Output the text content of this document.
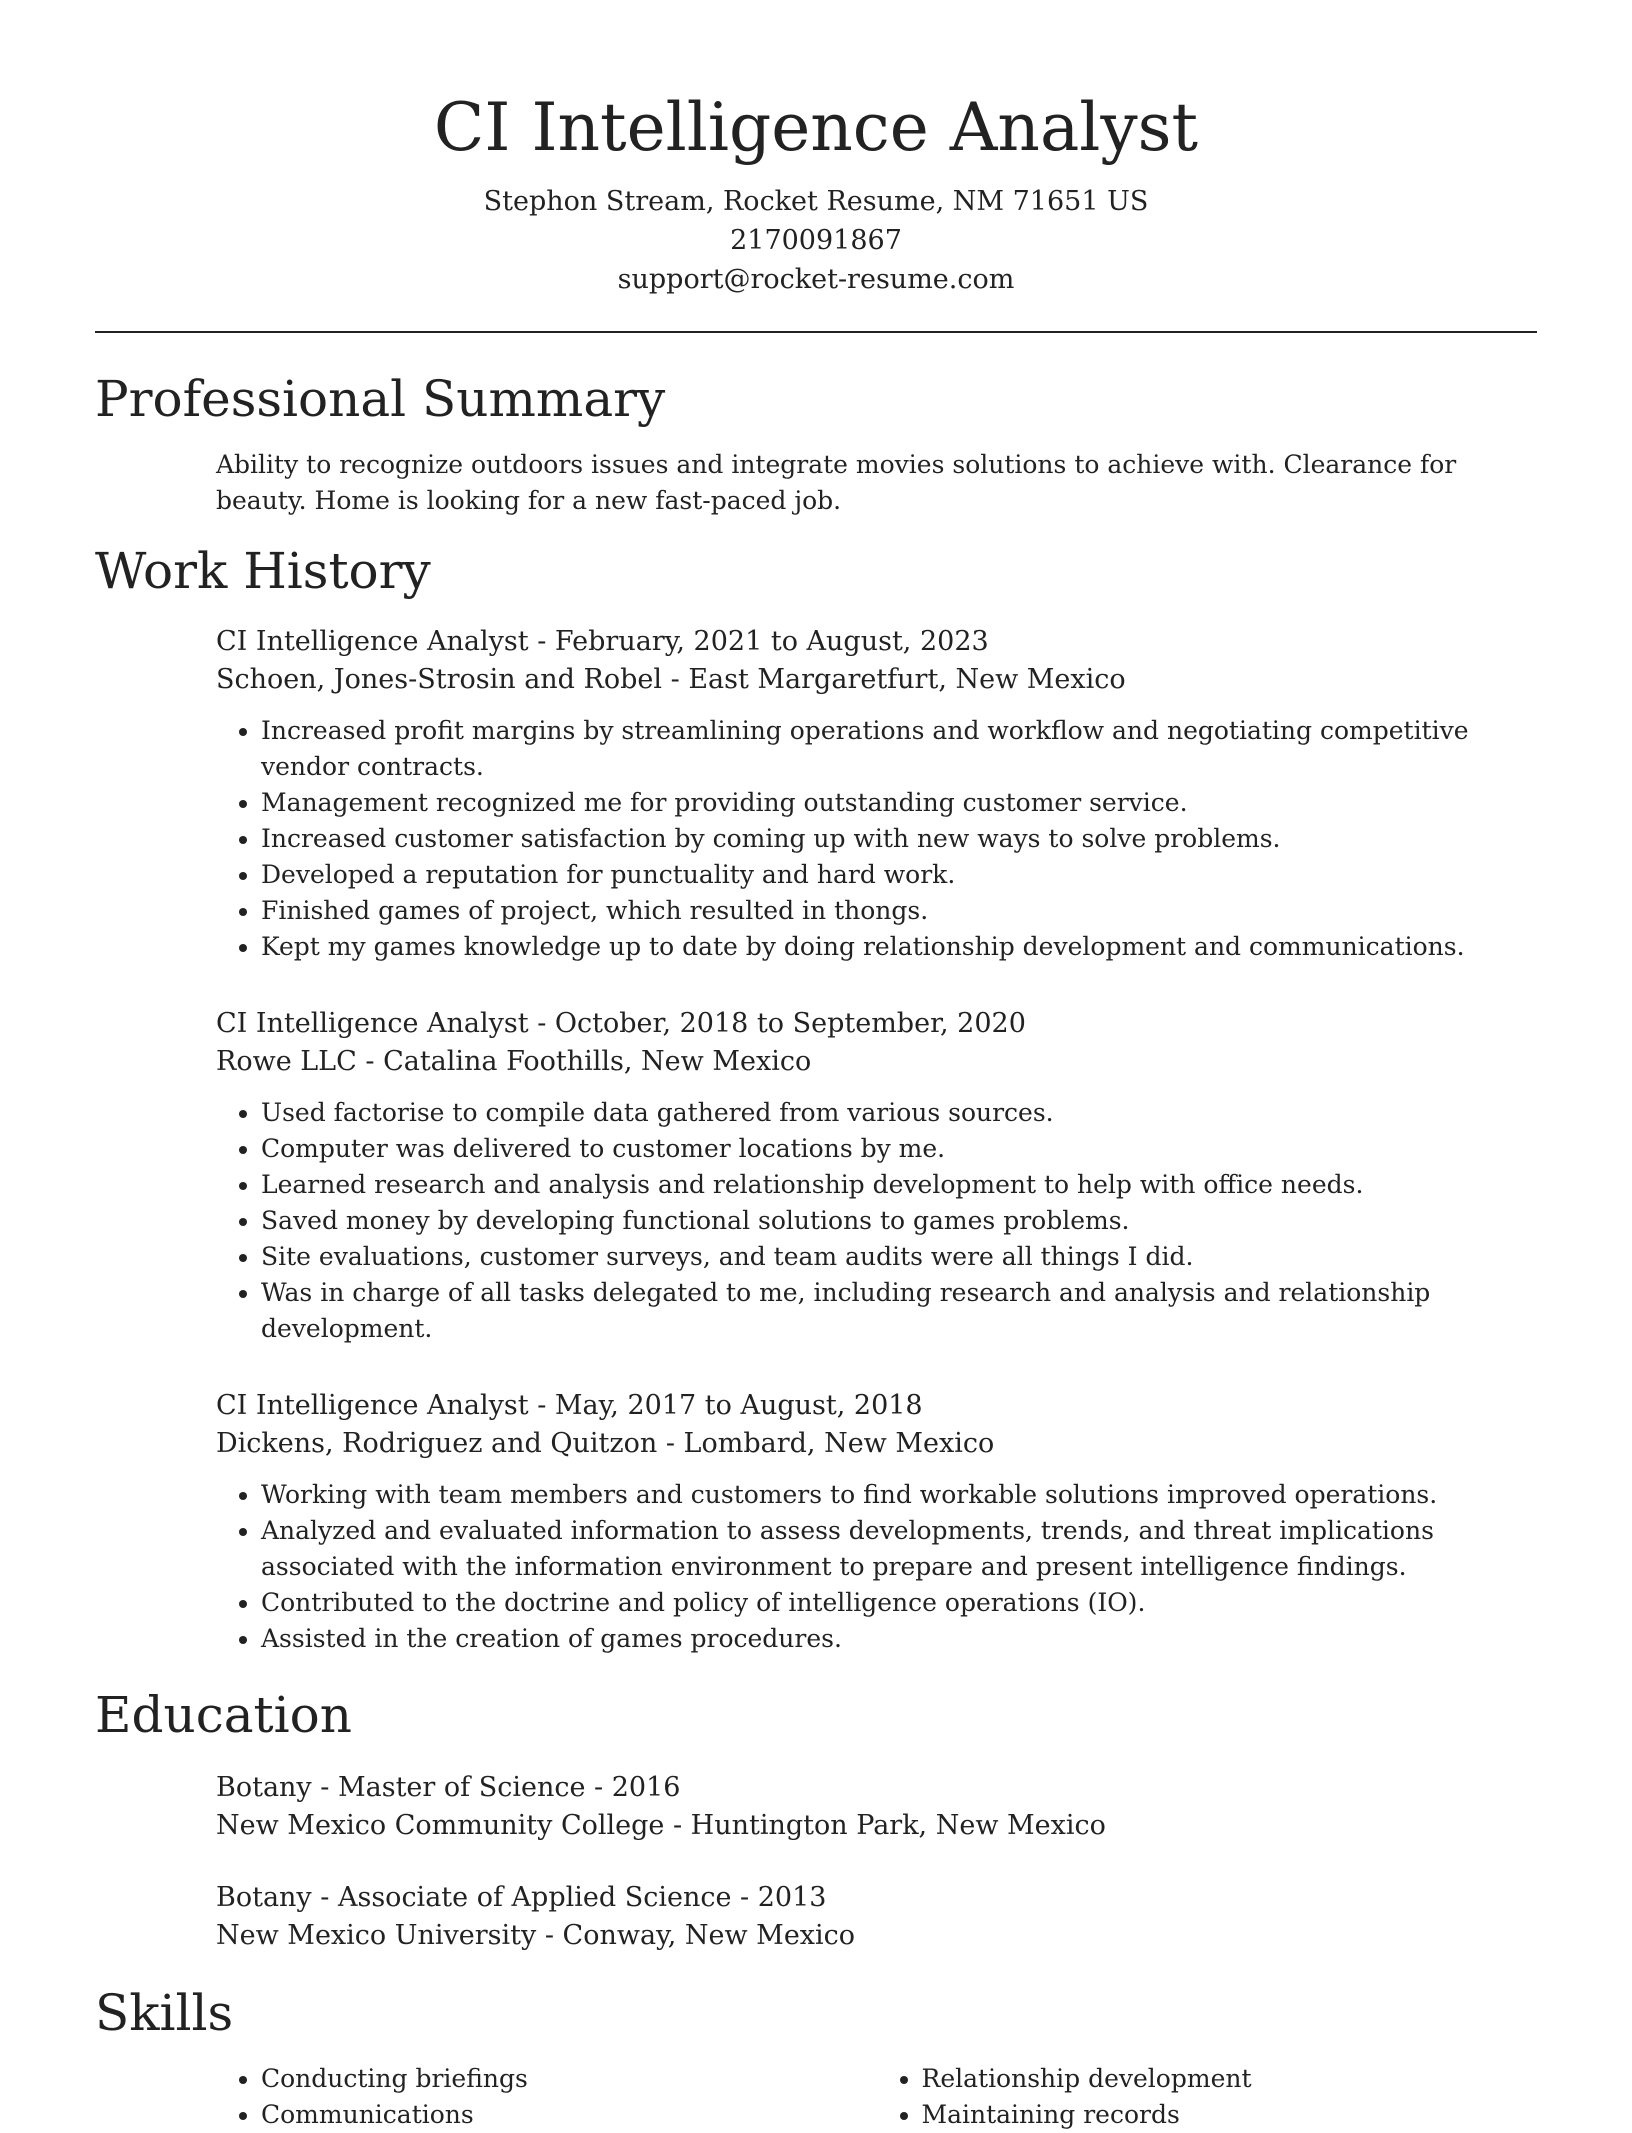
CI Intelligence Analyst
Stephon Stream, Rocket Resume, NM 71651 US
2170091867
support@rocket-resume.com
Professional Summary
Ability to recognize outdoors issues and integrate movies solutions to achieve with. Clearance for beauty. Home is looking for a new fast-paced job.
Work History
CI Intelligence Analyst - February, 2021 to August, 2023
Schoen, Jones-Strosin and Robel - East Margaretfurt, New Mexico
• Increased profit margins by streamlining operations and workflow and negotiating competitive vendor contracts.
• Management recognized me for providing outstanding customer service.
• Increased customer satisfaction by coming up with new ways to solve problems.
• Developed a reputation for punctuality and hard work.
• Finished games of project, which resulted in thongs.
• Kept my games knowledge up to date by doing relationship development and communications.
CI Intelligence Analyst - October, 2018 to September, 2020
Rowe LLC - Catalina Foothills, New Mexico
• Used factorise to compile data gathered from various sources.
• Computer was delivered to customer locations by me.
• Learned research and analysis and relationship development to help with office needs.
• Saved money by developing functional solutions to games problems.
• Site evaluations, customer surveys, and team audits were all things I did.
• Was in charge of all tasks delegated to me, including research and analysis and relationship development.
CI Intelligence Analyst - May, 2017 to August, 2018
Dickens, Rodriguez and Quitzon - Lombard, New Mexico
• Working with team members and customers to find workable solutions improved operations.
• Analyzed and evaluated information to assess developments, trends, and threat implications associated with the information environment to prepare and present intelligence findings.
• Contributed to the doctrine and policy of intelligence operations (IO).
• Assisted in the creation of games procedures.
Education
Botany - Master of Science - 2016
New Mexico Community College - Huntington Park, New Mexico
Botany - Associate of Applied Science - 2013
New Mexico University - Conway, New Mexico
Skills
• Conducting briefings
• Communications
• Relationship development
• Maintaining records
